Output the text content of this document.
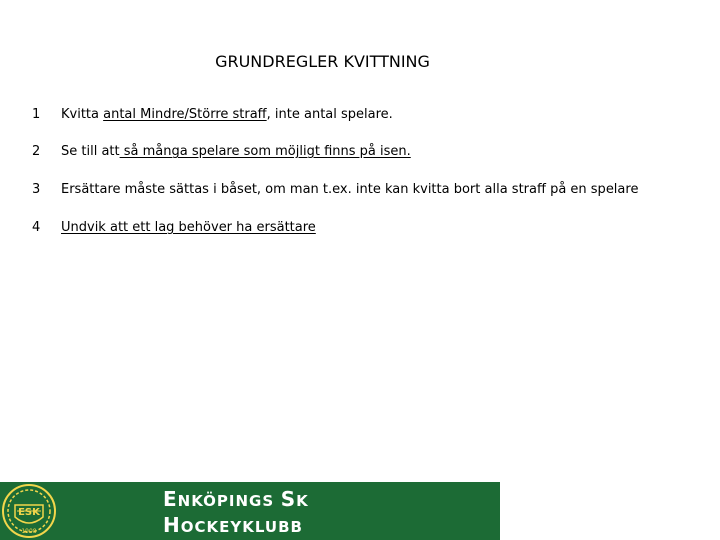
GRUNDREGLER KVITTNING
1 Kvitta antal Mindre/Större straff, inte antal spelare.
2 Se till att så många spelare som möjligt finns på isen.
3 Ersättare måste sättas i båset, om man t.ex. inte kan kvitta bort alla straff på en spelare
4 Undvik att ett lag behöver ha ersättare
ESK
1908
ENKÖPINGS SK
HOCKEYKLUBB
